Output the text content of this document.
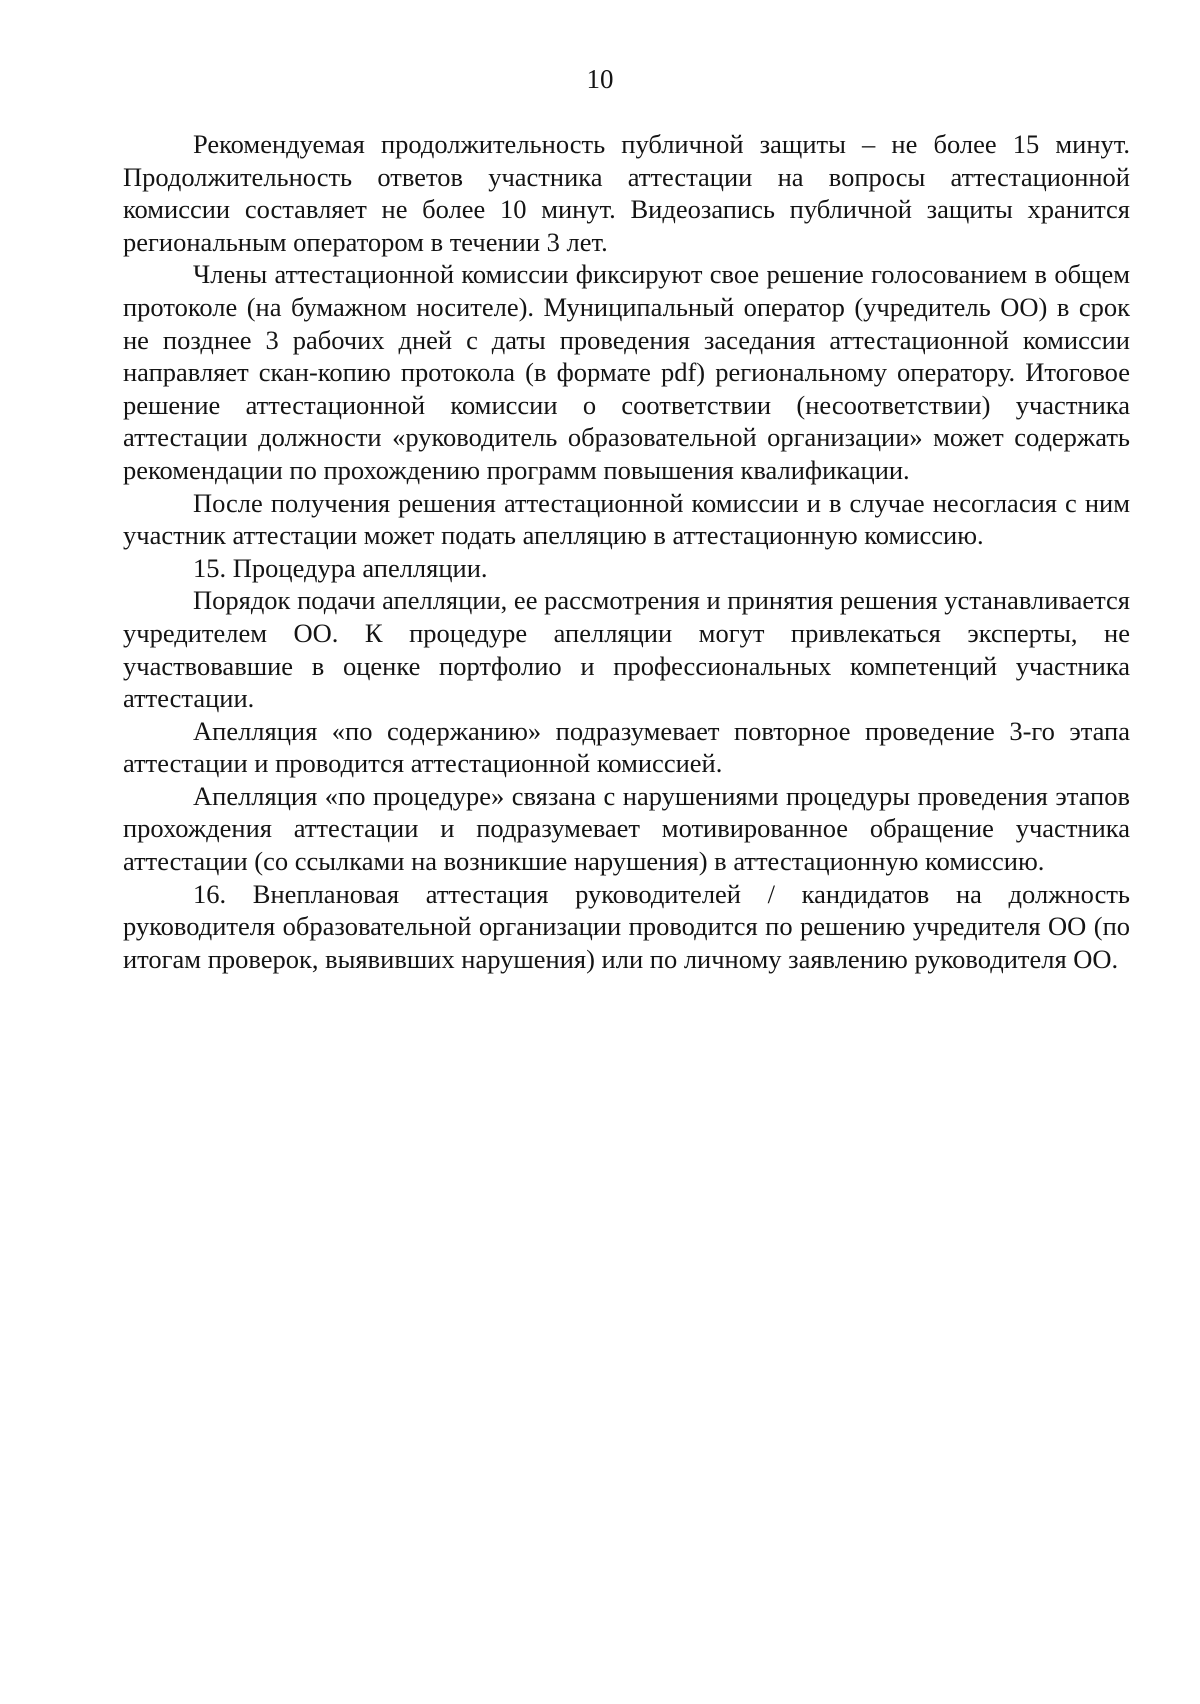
10

Рекомендуемая продолжительность публичной защиты – не более 15 минут. Продолжительность ответов участника аттестации на вопросы аттестационной комиссии составляет не более 10 минут. Видеозапись публичной защиты хранится региональным оператором в течении 3 лет.

Члены аттестационной комиссии фиксируют свое решение голосованием в общем протоколе (на бумажном носителе). Муниципальный оператор (учредитель ОО) в срок не позднее 3 рабочих дней с даты проведения заседания аттестационной комиссии направляет скан-копию протокола (в формате pdf) региональному оператору. Итоговое решение аттестационной комиссии о соответствии (несоответствии) участника аттестации должности «руководитель образовательной организации» может содержать рекомендации по прохождению программ повышения квалификации.

После получения решения аттестационной комиссии и в случае несогласия с ним участник аттестации может подать апелляцию в аттестационную комиссию.

15. Процедура апелляции.

Порядок подачи апелляции, ее рассмотрения и принятия решения устанавливается учредителем ОО. К процедуре апелляции могут привлекаться эксперты, не участвовавшие в оценке портфолио и профессиональных компетенций участника аттестации.

Апелляция «по содержанию» подразумевает повторное проведение 3-го этапа аттестации и проводится аттестационной комиссией.

Апелляция «по процедуре» связана с нарушениями процедуры проведения этапов прохождения аттестации и подразумевает мотивированное обращение участника аттестации (со ссылками на возникшие нарушения) в аттестационную комиссию.

16. Внеплановая аттестация руководителей / кандидатов на должность руководителя образовательной организации проводится по решению учредителя ОО (по итогам проверок, выявивших нарушения) или по личному заявлению руководителя ОО.
